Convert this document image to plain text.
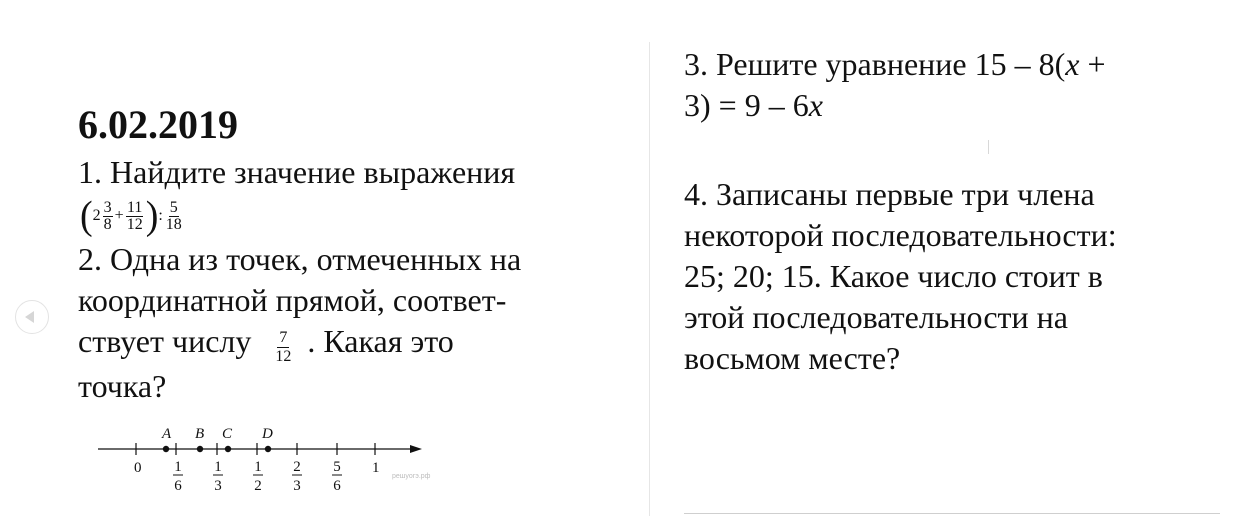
6.02.2019

1. Найдите значение выражения

( $2 \frac{3}{8} + \frac{11}{12}$ ) : $\frac{5}{18}$

2. Одна из точек, отмеченных на

координатной прямой, соответ-

ствует числу $\frac{7}{12}$ . Какая это

точка?

A B C D
0	1
1
6
1
3
1
2
2
3
5
6
решуогэ.рф

3. Решите уравнение 15 – 8(x +

3) = 9 – 6x

4. Записаны первые три члена

некоторой последовательности:

25; 20; 15. Какое число стоит в

этой последовательности на

восьмом месте?
